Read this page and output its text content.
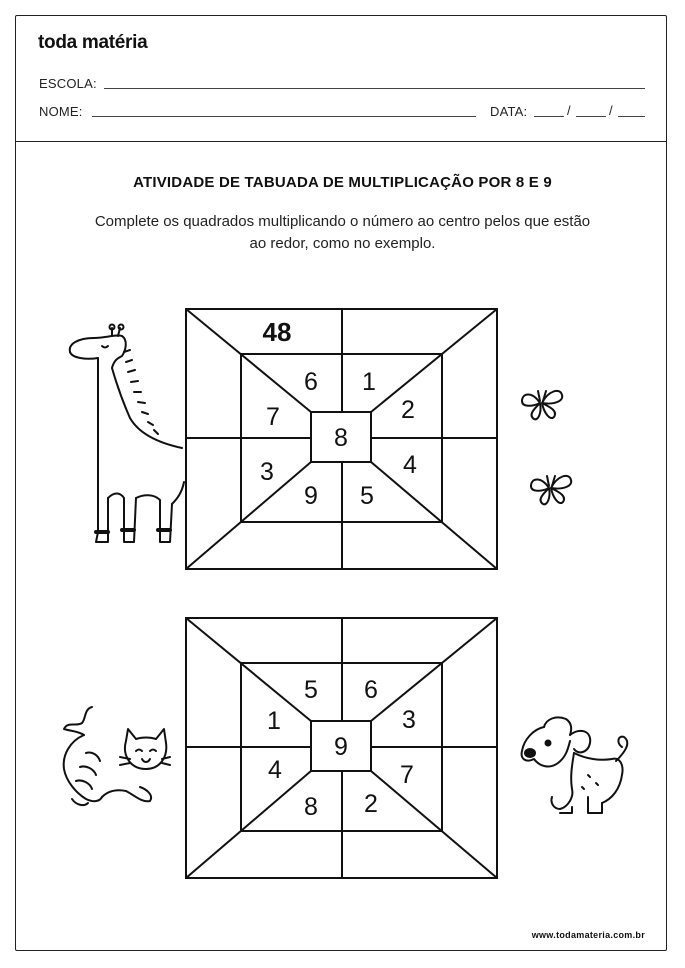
toda matéria
ESCOLA:
NOME:	DATA:	/	/
ATIVIDADE DE TABUADA DE MULTIPLICAÇÃO POR 8 E 9
Complete os quadrados multiplicando o número ao centro pelos que estão
ao redor, como no exemplo.
48
8
6 1
2
4
5
9
3
7
9
5 6
3
7
2
8
4
1
www.todamateria.com.br
